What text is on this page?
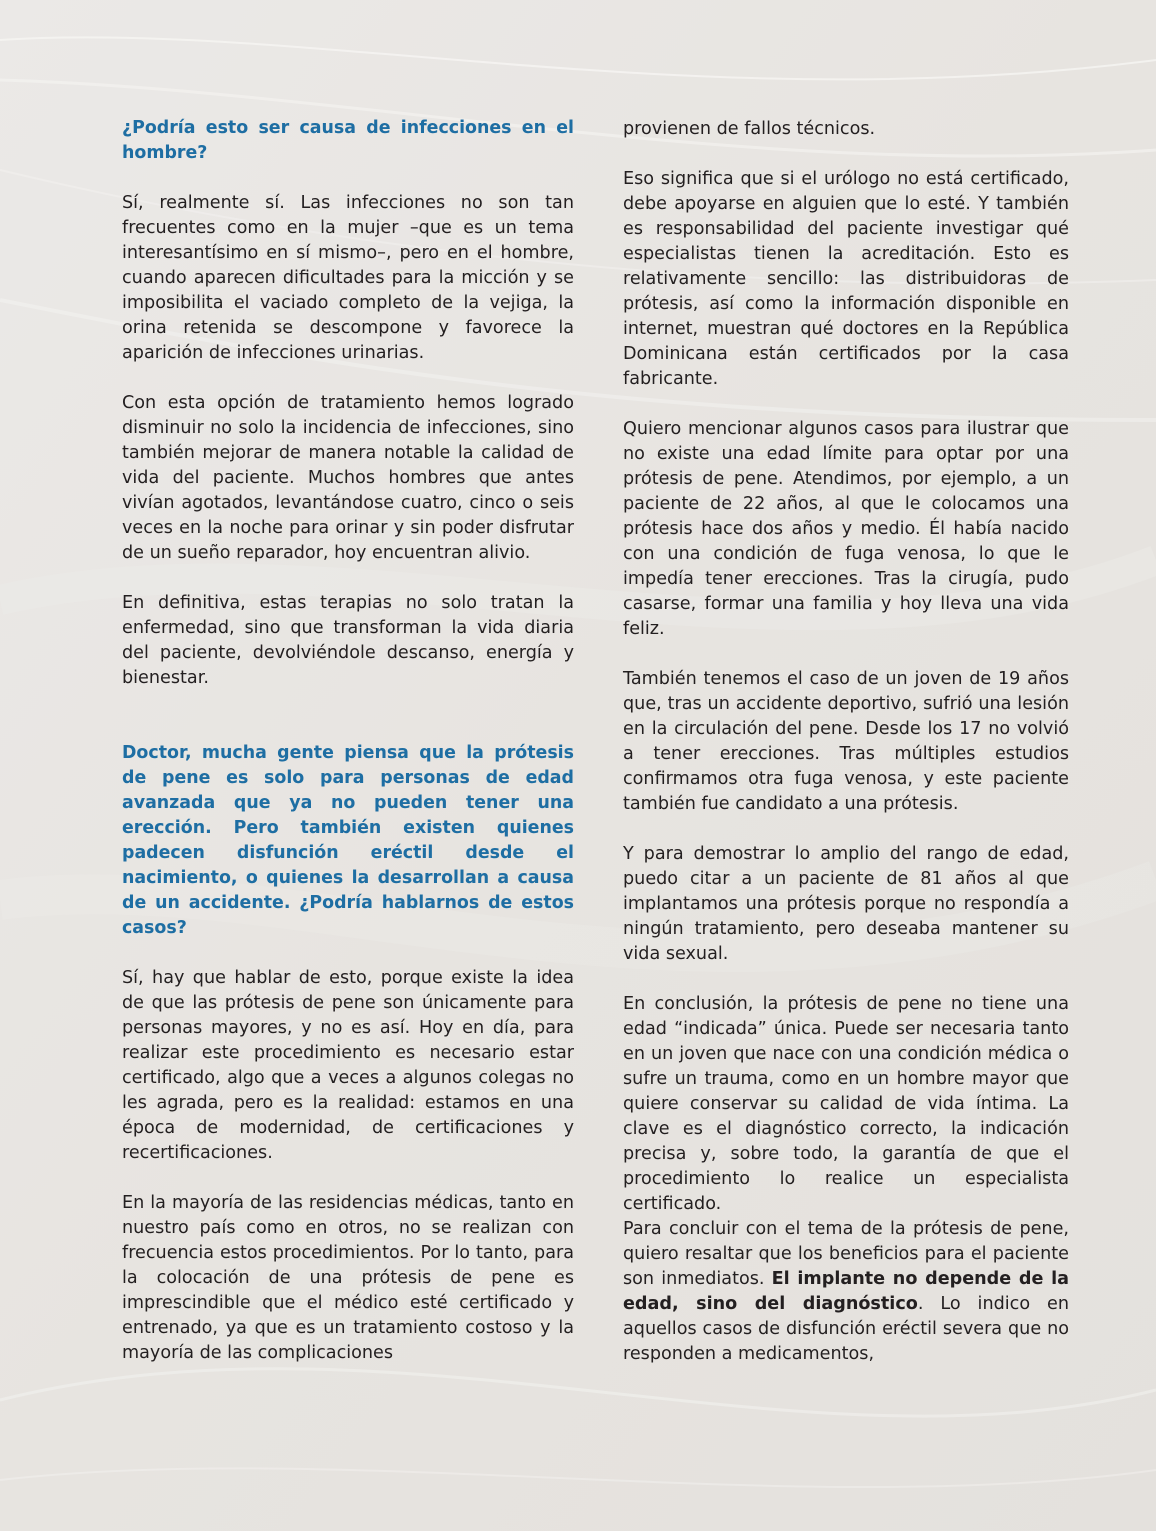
¿Podría esto ser causa de infecciones en el hombre?

Sí, realmente sí. Las infecciones no son tan frecuentes como en la mujer –que es un tema interesantísimo en sí mismo–, pero en el hombre, cuando aparecen dificultades para la micción y se imposibilita el vaciado completo de la vejiga, la orina retenida se descompone y favorece la aparición de infecciones urinarias.

Con esta opción de tratamiento hemos logrado disminuir no solo la incidencia de infecciones, sino también mejorar de manera notable la calidad de vida del paciente. Muchos hombres que antes vivían agotados, levantándose cuatro, cinco o seis veces en la noche para orinar y sin poder disfrutar de un sueño reparador, hoy encuentran alivio.

En definitiva, estas terapias no solo tratan la enfermedad, sino que transforman la vida diaria del paciente, devolviéndole descanso, energía y bienestar.

Doctor, mucha gente piensa que la prótesis de pene es solo para personas de edad avanzada que ya no pueden tener una erección. Pero también existen quienes padecen disfunción eréctil desde el nacimiento, o quienes la desarrollan a causa de un accidente. ¿Podría hablarnos de estos casos?

Sí, hay que hablar de esto, porque existe la idea de que las prótesis de pene son únicamente para personas mayores, y no es así. Hoy en día, para realizar este procedimiento es necesario estar certificado, algo que a veces a algunos colegas no les agrada, pero es la realidad: estamos en una época de modernidad, de certificaciones y recertificaciones.

En la mayoría de las residencias médicas, tanto en nuestro país como en otros, no se realizan con frecuencia estos procedimientos. Por lo tanto, para la colocación de una prótesis de pene es imprescindible que el médico esté certificado y entrenado, ya que es un tratamiento costoso y la mayoría de las complicaciones

provienen de fallos técnicos.

Eso significa que si el urólogo no está certificado, debe apoyarse en alguien que lo esté. Y también es responsabilidad del paciente investigar qué especialistas tienen la acreditación. Esto es relativamente sencillo: las distribuidoras de prótesis, así como la información disponible en internet, muestran qué doctores en la República Dominicana están certificados por la casa fabricante.

Quiero mencionar algunos casos para ilustrar que no existe una edad límite para optar por una prótesis de pene. Atendimos, por ejemplo, a un paciente de 22 años, al que le colocamos una prótesis hace dos años y medio. Él había nacido con una condición de fuga venosa, lo que le impedía tener erecciones. Tras la cirugía, pudo casarse, formar una familia y hoy lleva una vida feliz.

También tenemos el caso de un joven de 19 años que, tras un accidente deportivo, sufrió una lesión en la circulación del pene. Desde los 17 no volvió a tener erecciones. Tras múltiples estudios confirmamos otra fuga venosa, y este paciente también fue candidato a una prótesis.

Y para demostrar lo amplio del rango de edad, puedo citar a un paciente de 81 años al que implantamos una prótesis porque no respondía a ningún tratamiento, pero deseaba mantener su vida sexual.

En conclusión, la prótesis de pene no tiene una edad “indicada” única. Puede ser necesaria tanto en un joven que nace con una condición médica o sufre un trauma, como en un hombre mayor que quiere conservar su calidad de vida íntima. La clave es el diagnóstico correcto, la indicación precisa y, sobre todo, la garantía de que el procedimiento lo realice un especialista certificado.

Para concluir con el tema de la prótesis de pene, quiero resaltar que los beneficios para el paciente son inmediatos. El implante no depende de la edad, sino del diagnóstico. Lo indico en aquellos casos de disfunción eréctil severa que no responden a medicamentos,
